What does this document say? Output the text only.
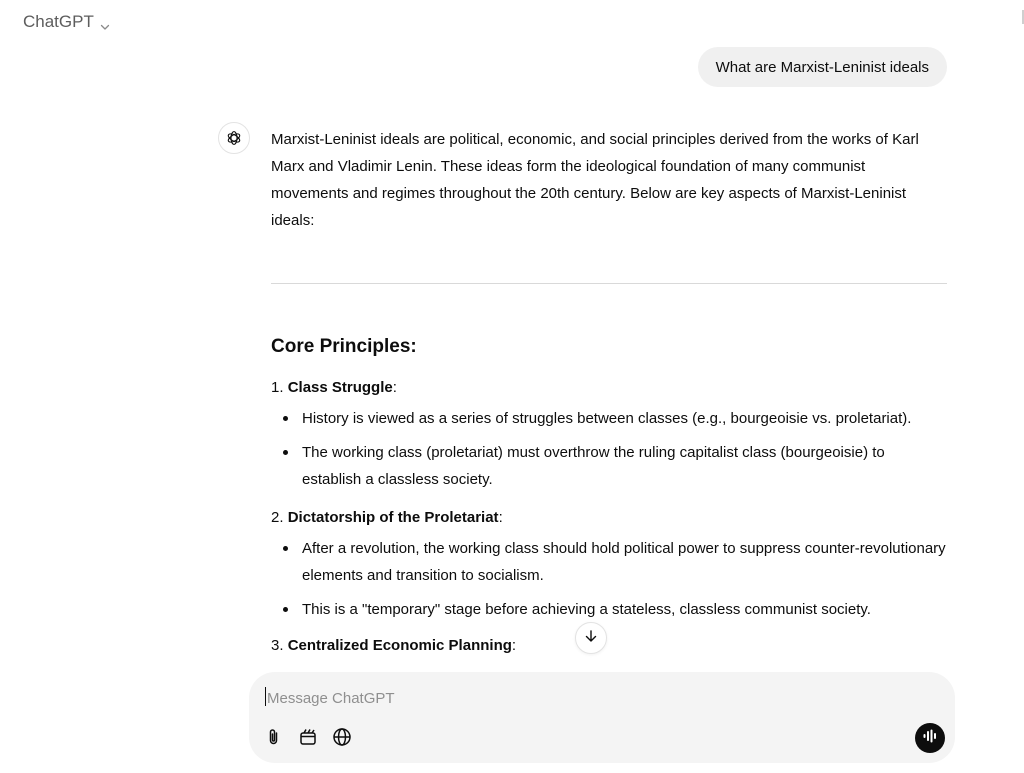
ChatGPT
What are Marxist-Leninist ideals

Marxist-Leninist ideals are political, economic, and social principles derived from the works of Karl Marx and Vladimir Lenin. These ideas form the ideological foundation of many communist movements and regimes throughout the 20th century. Below are key aspects of Marxist-Leninist ideals:

Core Principles:
1. Class Struggle:
History is viewed as a series of struggles between classes (e.g., bourgeoisie vs. proletariat).
The working class (proletariat) must overthrow the ruling capitalist class (bourgeoisie) to establish a classless society.
2. Dictatorship of the Proletariat:
After a revolution, the working class should hold political power to suppress counter-revolutionary elements and transition to socialism.
This is a "temporary" stage before achieving a stateless, classless communist society.
3. Centralized Economic Planning:
Message ChatGPT
